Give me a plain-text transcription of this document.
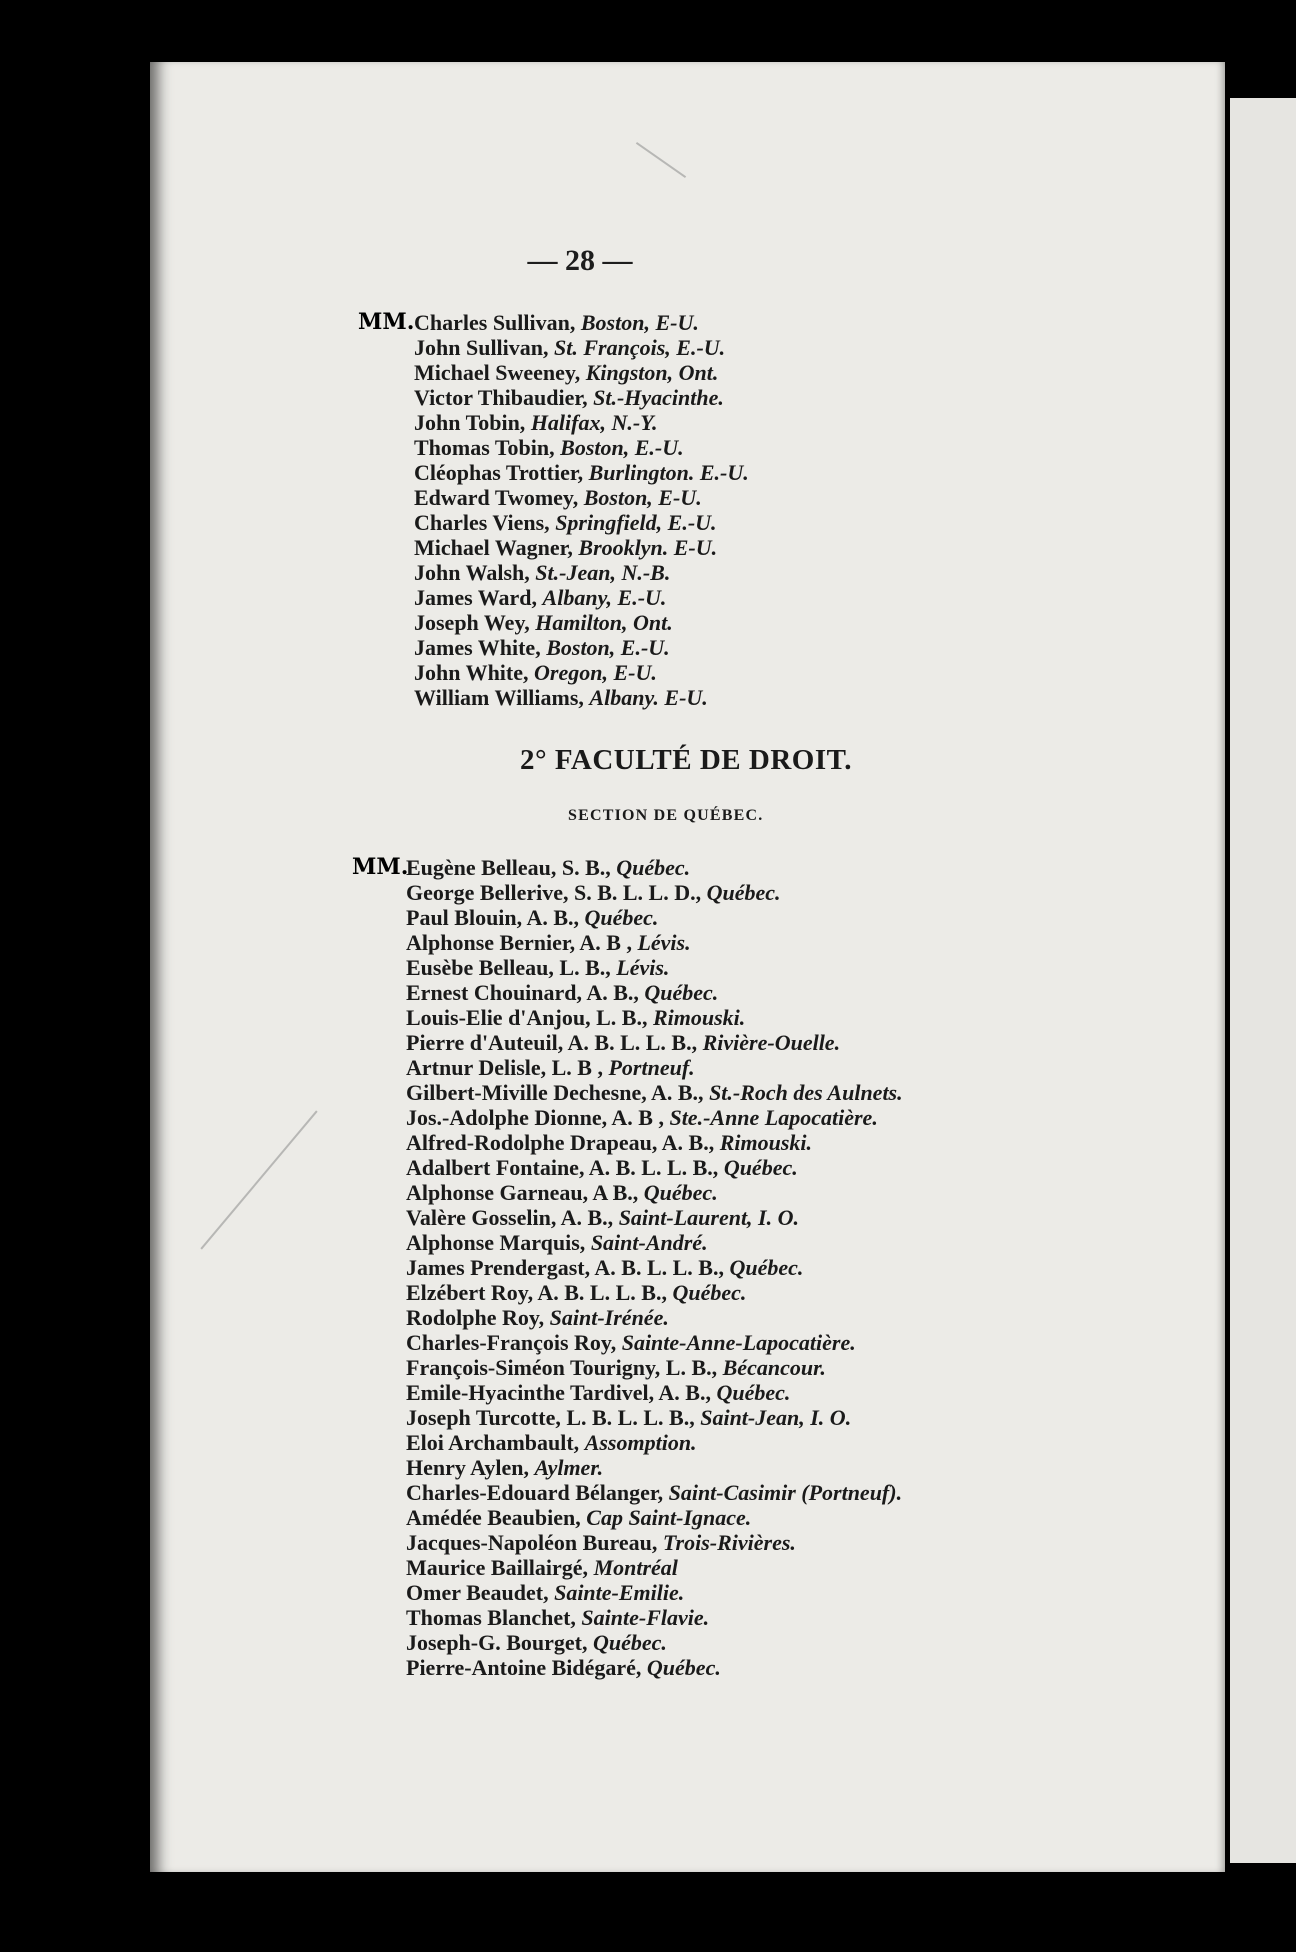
— 28 —
MM. Charles Sullivan, Boston, E-U.
John Sullivan, St. François, E.-U.
Michael Sweeney, Kingston, Ont.
Victor Thibaudier, St.-Hyacinthe.
John Tobin, Halifax, N.-Y.
Thomas Tobin, Boston, E.-U.
Cléophas Trottier, Burlington. E.-U.
Edward Twomey, Boston, E-U.
Charles Viens, Springfield, E.-U.
Michael Wagner, Brooklyn. E-U.
John Walsh, St.-Jean, N.-B.
James Ward, Albany, E.-U.
Joseph Wey, Hamilton, Ont.
James White, Boston, E.-U.
John White, Oregon, E-U.
William Williams, Albany. E-U.
2° FACULTÉ DE DROIT.
SECTION DE QUÉBEC.
MM.
Eugène Belleau, S. B., Québec.
George Bellerive, S. B. L. L. D., Québec.
Paul Blouin, A. B., Québec.
Alphonse Bernier, A. B , Lévis.
Eusèbe Belleau, L. B., Lévis.
Ernest Chouinard, A. B., Québec.
Louis-Elie d'Anjou, L. B., Rimouski.
Pierre d'Auteuil, A. B. L. L. B., Rivière-Ouelle.
Artnur Delisle, L. B , Portneuf.
Gilbert-Miville Dechesne, A. B., St.-Roch des Aulnets.
Jos.-Adolphe Dionne, A. B , Ste.-Anne Lapocatière.
Alfred-Rodolphe Drapeau, A. B., Rimouski.
Adalbert Fontaine, A. B. L. L. B., Québec.
Alphonse Garneau, A B., Québec.
Valère Gosselin, A. B., Saint-Laurent, I. O.
Alphonse Marquis, Saint-André.
James Prendergast, A. B. L. L. B., Québec.
Elzébert Roy, A. B. L. L. B., Québec.
Rodolphe Roy, Saint-Irénée.
Charles-François Roy, Sainte-Anne-Lapocatière.
François-Siméon Tourigny, L. B., Bécancour.
Emile-Hyacinthe Tardivel, A. B., Québec.
Joseph Turcotte, L. B. L. L. B., Saint-Jean, I. O.
Eloi Archambault, Assomption.
Henry Aylen, Aylmer.
Charles-Edouard Bélanger, Saint-Casimir (Portneuf).
Amédée Beaubien, Cap Saint-Ignace.
Jacques-Napoléon Bureau, Trois-Rivières.
Maurice Baillairgé, Montréal
Omer Beaudet, Sainte-Emilie.
Thomas Blanchet, Sainte-Flavie.
Joseph-G. Bourget, Québec.
Pierre-Antoine Bidégaré, Québec.
